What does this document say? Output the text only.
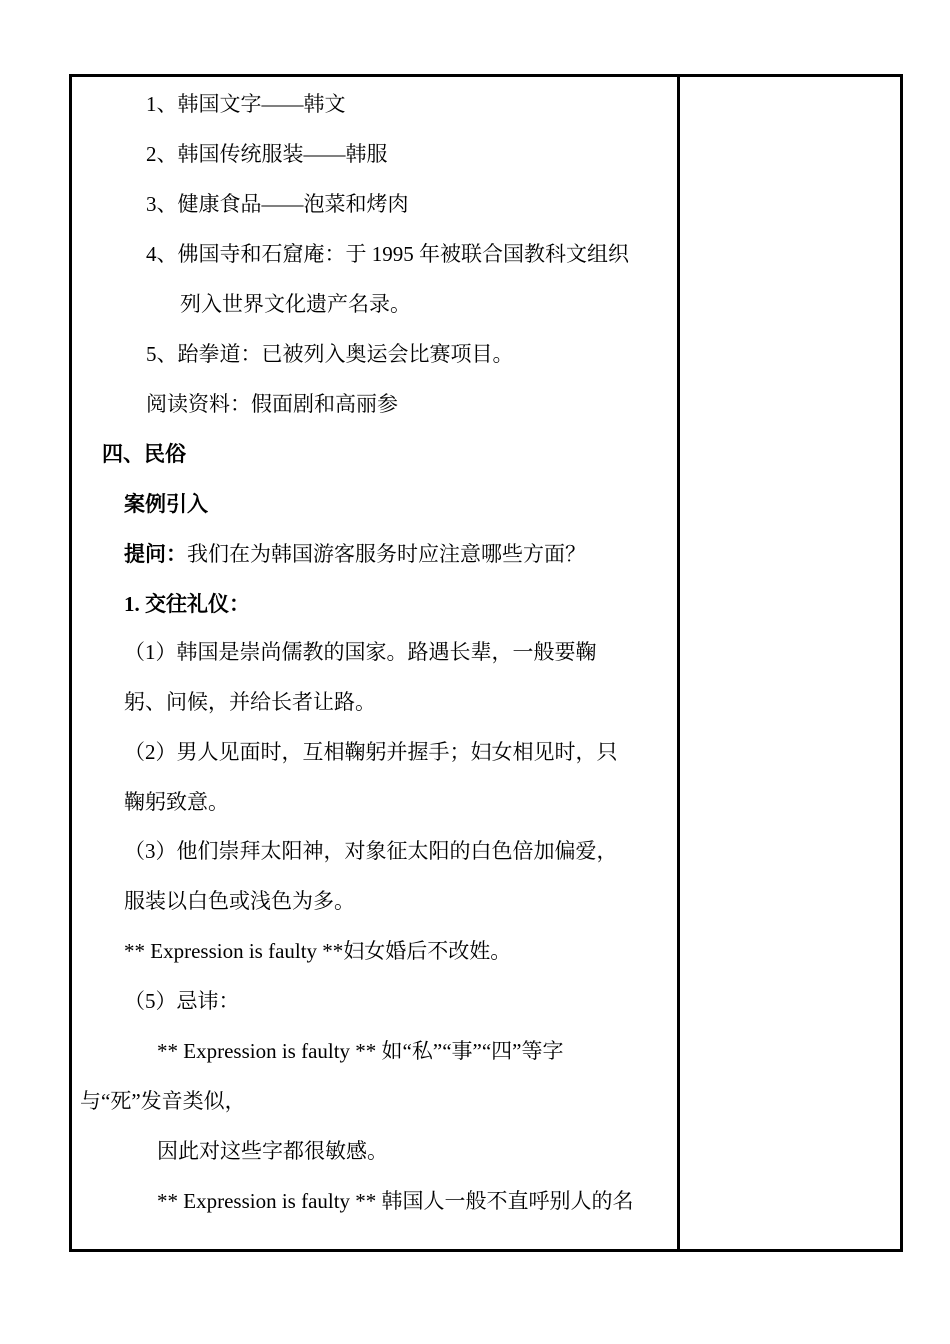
1、韩国文字——韩文
2、韩国传统服装——韩服
3、健康食品——泡菜和烤肉
4、佛国寺和石窟庵：于 1995 年被联合国教科文组织
列入世界文化遗产名录。
5、跆拳道：已被列入奥运会比赛项目。
阅读资料：假面剧和高丽参
四、民俗
案例引入
提问：我们在为韩国游客服务时应注意哪些方面？
1. 交往礼仪：
（1）韩国是崇尚儒教的国家。路遇长辈，一般要鞠
躬、问候，并给长者让路。
（2）男人见面时，互相鞠躬并握手；妇女相见时，只
鞠躬致意。
（3）他们崇拜太阳神，对象征太阳的白色倍加偏爱，
服装以白色或浅色为多。
** Expression is faulty **妇女婚后不改姓。
（5）忌讳：
** Expression is faulty ** 如“私”“事”“四”等字
与“死”发音类似，
因此对这些字都很敏感。
** Expression is faulty ** 韩国人一般不直呼别人的名
